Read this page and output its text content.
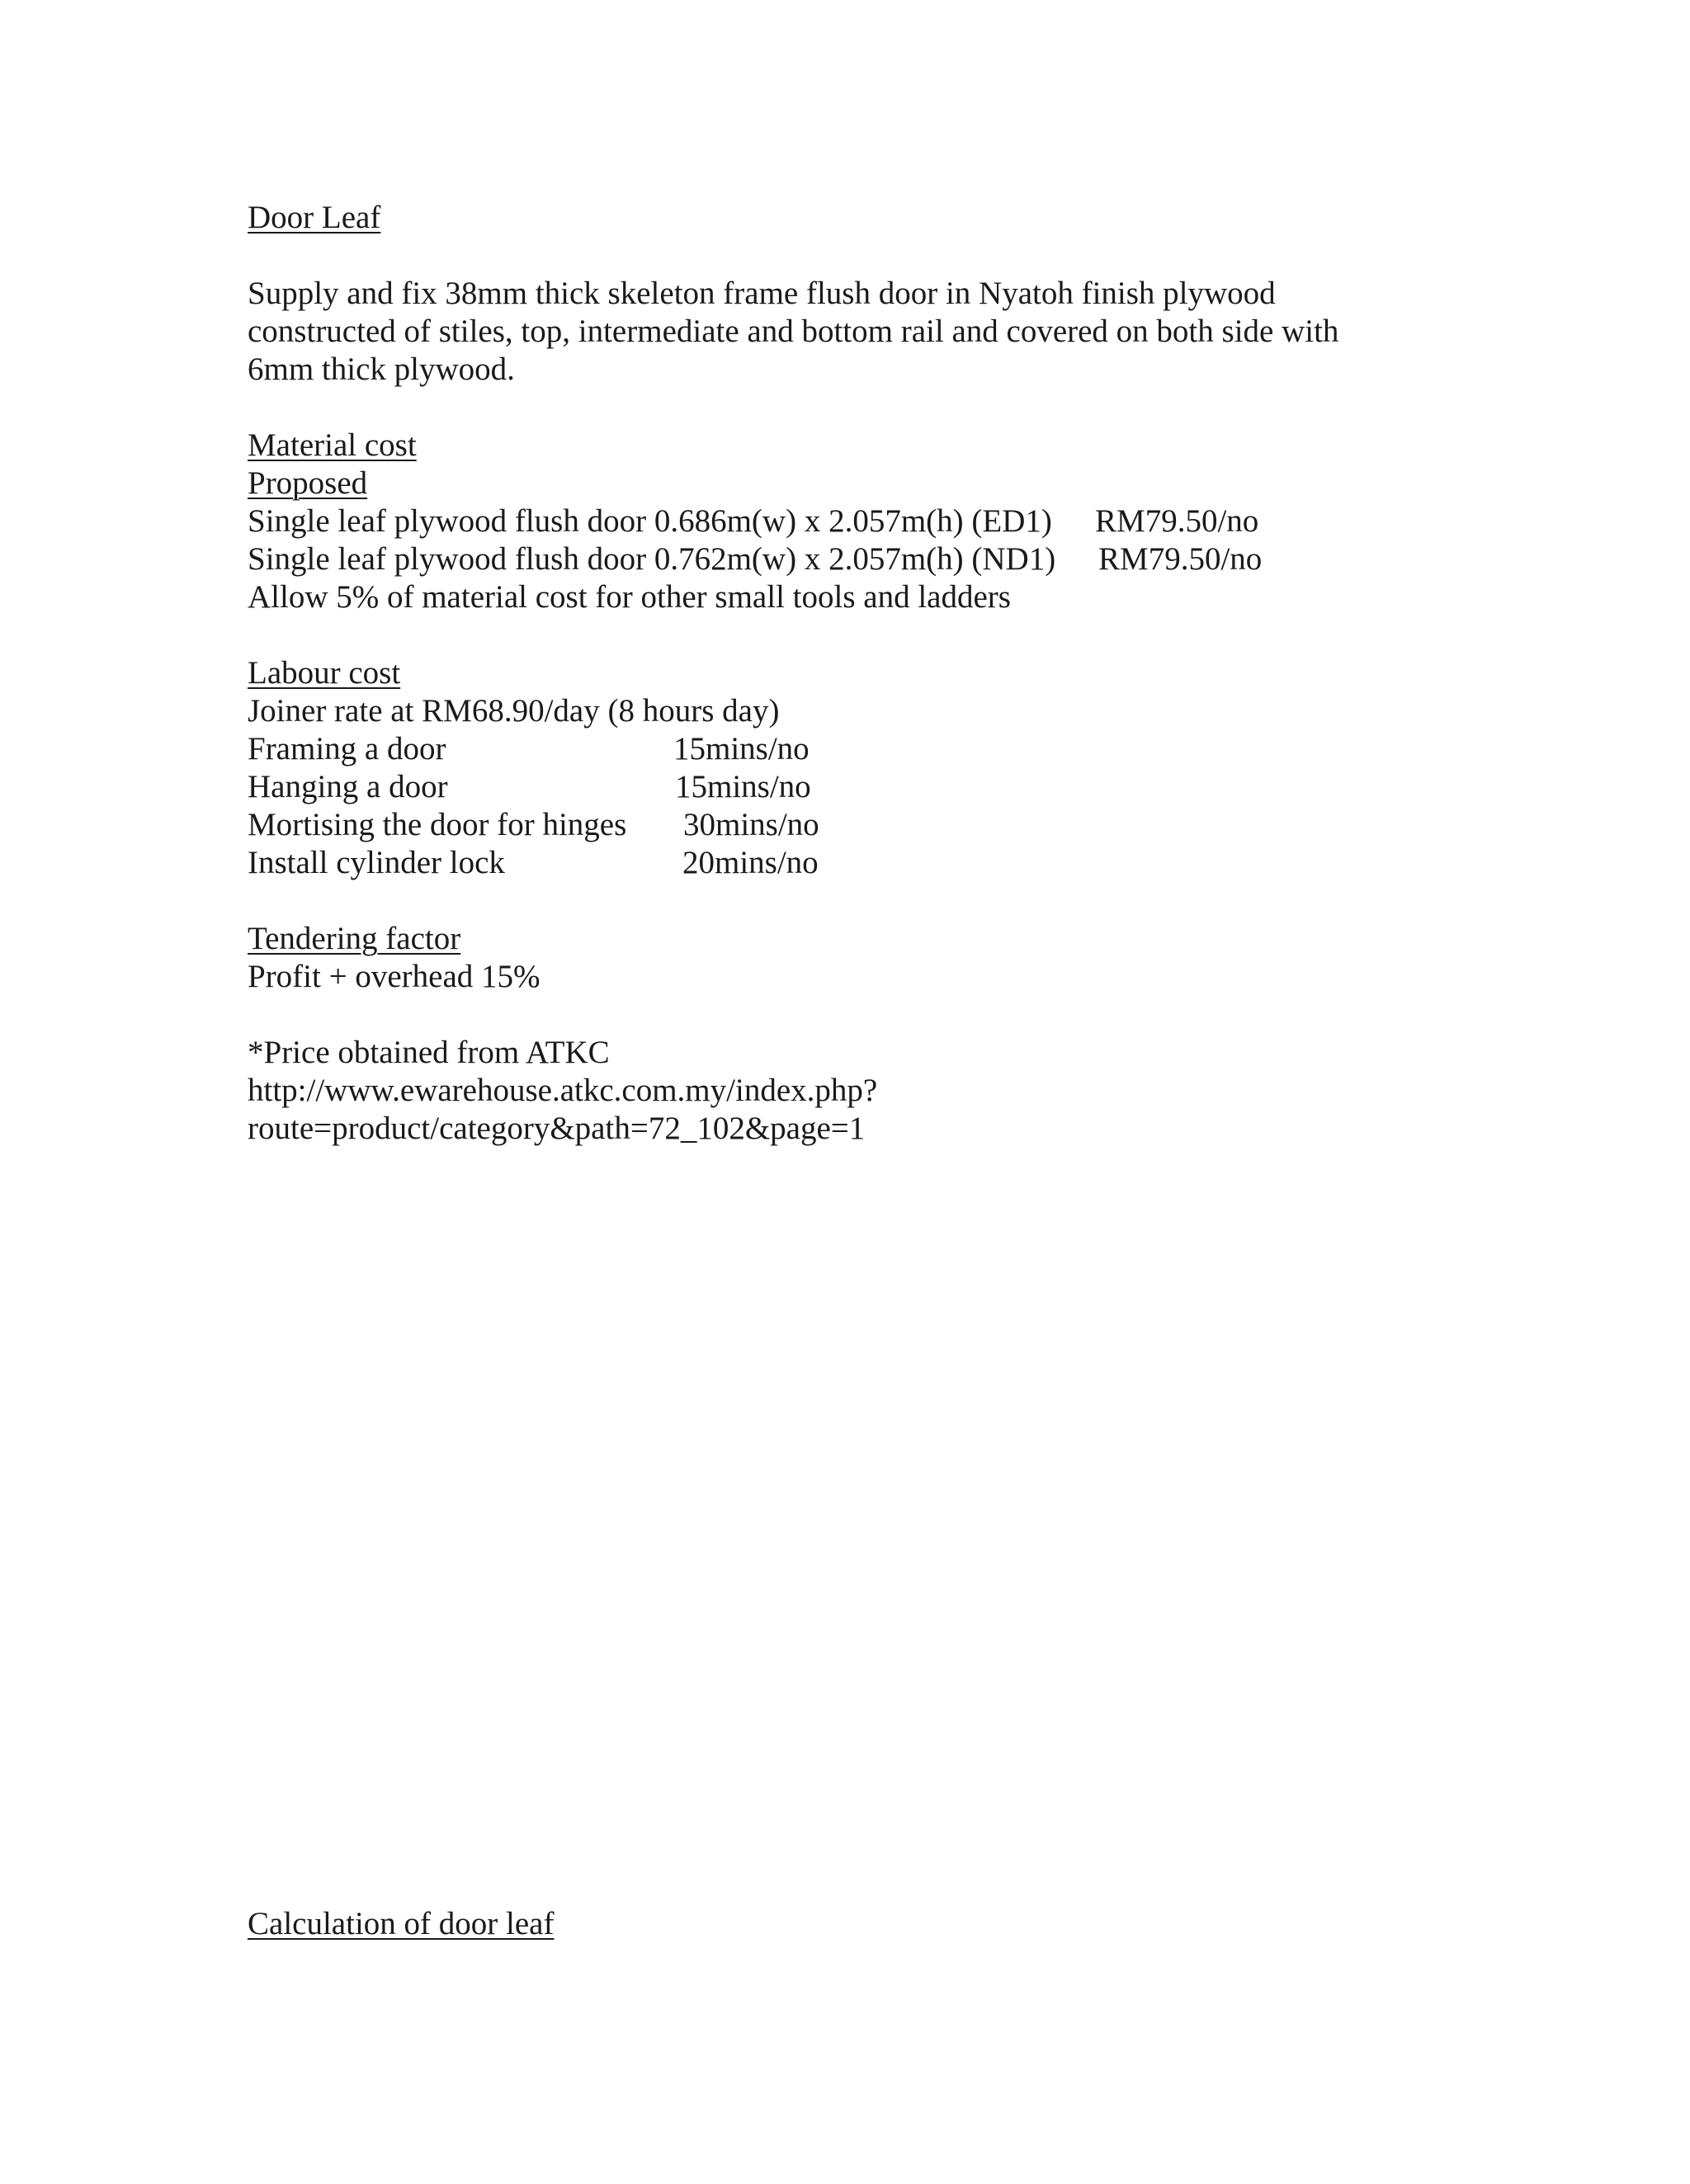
Door Leaf
Supply and fix 38mm thick skeleton frame flush door in Nyatoh finish plywood
constructed of stiles, top, intermediate and bottom rail and covered on both side with
6mm thick plywood.
Material cost
Proposed
Single leaf plywood flush door 0.686m(w) x 2.057m(h) (ED1) RM79.50/no
Single leaf plywood flush door 0.762m(w) x 2.057m(h) (ND1) RM79.50/no
Allow 5% of material cost for other small tools and ladders
Labour cost
Joiner rate at RM68.90/day (8 hours day)
Framing a door	15mins/no
Hanging a door	15mins/no
Mortising the door for hinges 30mins/no
Install cylinder lock	20mins/no
Tendering factor
Profit + overhead 15%
*Price obtained from ATKC
http://www.ewarehouse.atkc.com.my/index.php?
route=product/category&path=72_102&page=1
Calculation of door leaf
